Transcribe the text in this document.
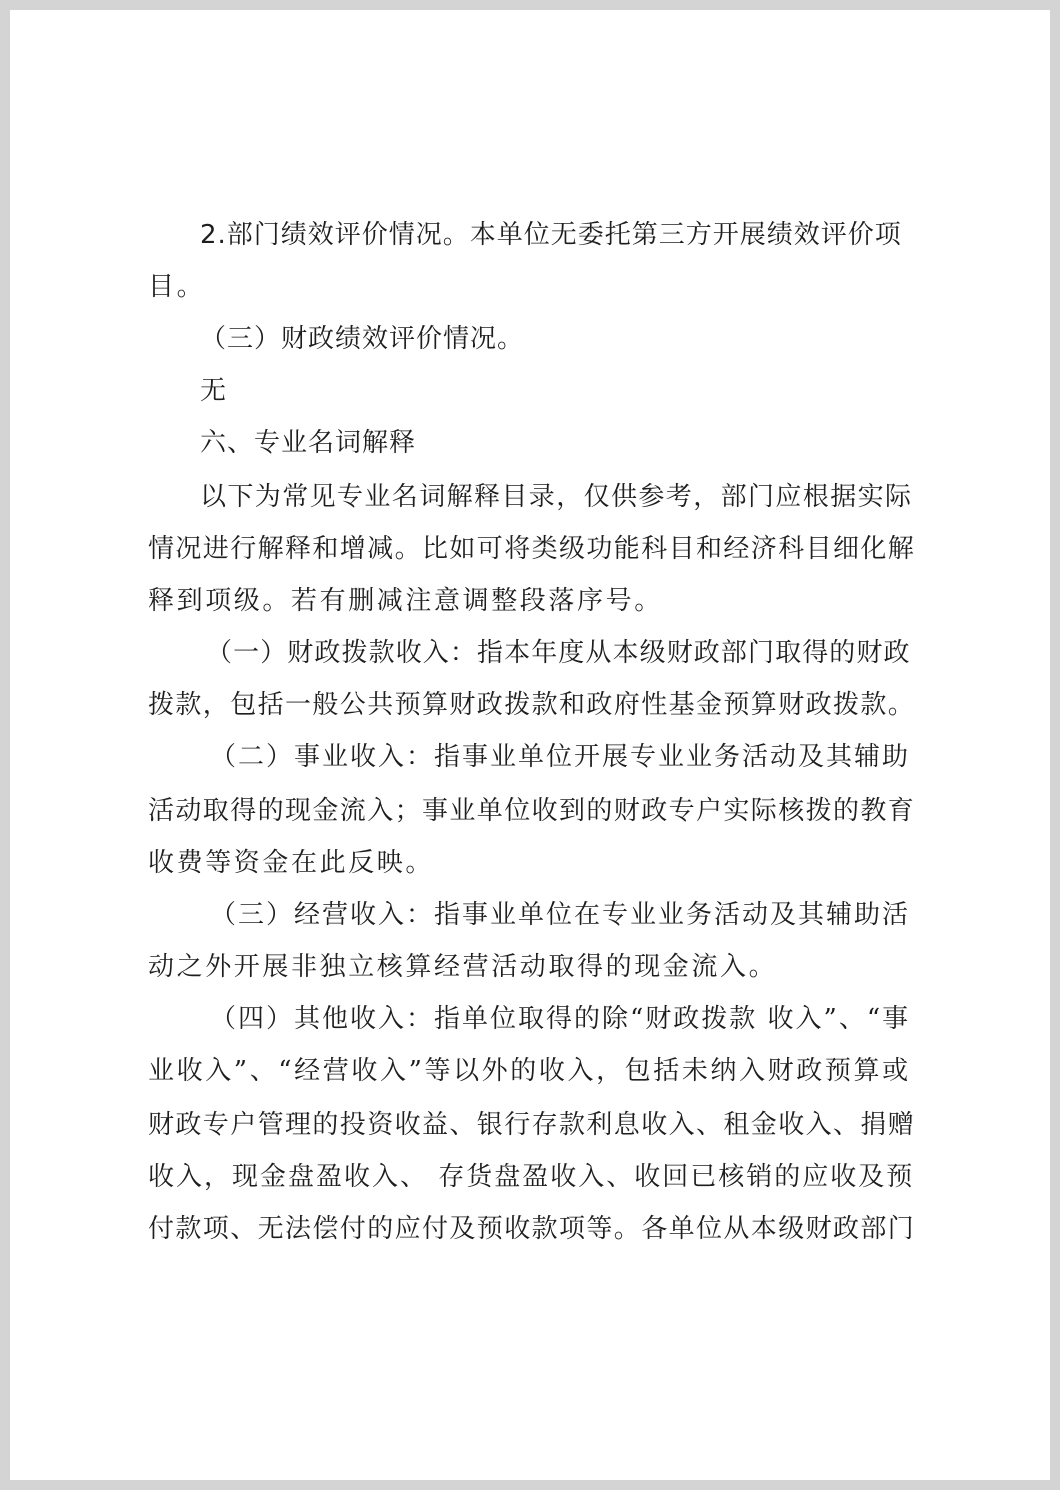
2.部门绩效评价情况。本单位无委托第三方开展绩效评价项
目。
（三）财政绩效评价情况。
无
六、专业名词解释
以下为常见专业名词解释目录，仅供参考，部门应根据实际
情况进行解释和增减。比如可将类级功能科目和经济科目细化解
释到项级。若有删减注意调整段落序号。
（一）财政拨款收入：指本年度从本级财政部门取得的财政
拨款，包括一般公共预算财政拨款和政府性基金预算财政拨款。
（二）事业收入：指事业单位开展专业业务活动及其辅助
活动取得的现金流入；事业单位收到的财政专户实际核拨的教育
收费等资金在此反映。
（三）经营收入：指事业单位在专业业务活动及其辅助活
动之外开展非独立核算经营活动取得的现金流入。
（四）其他收入：指单位取得的除“财政拨款 收入”、“事
业收入”、“经营收入”等以外的收入，包括未纳入财政预算或
财政专户管理的投资收益、银行存款利息收入、租金收入、捐赠
收入，现金盘盈收入、 存货盘盈收入、收回已核销的应收及预
付款项、无法偿付的应付及预收款项等。各单位从本级财政部门
